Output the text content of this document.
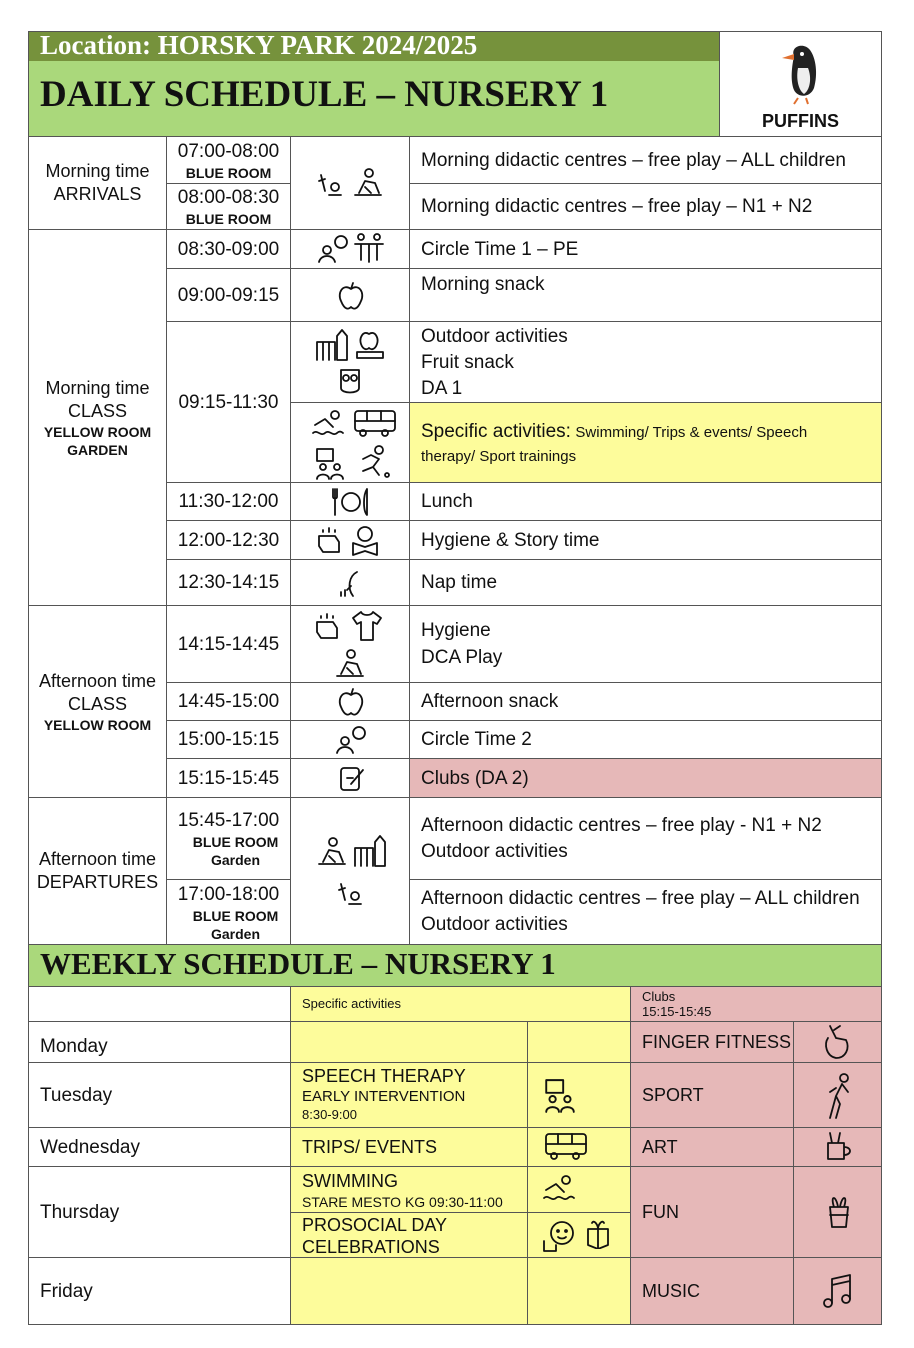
Location: HORSKY PARK 2024/2025
DAILY SCHEDULE – NURSERY 1
PUFFINS
Morning time
ARRIVALS
Morning time
CLASS
YELLOW ROOM
GARDEN
Afternoon time
CLASS
YELLOW ROOM
Afternoon time
DEPARTURES
07:00-08:00
BLUE ROOM
08:00-08:30
BLUE ROOM
08:30-09:00
09:00-09:15
09:15-11:30
11:30-12:00
12:00-12:30
12:30-14:15
14:15-14:45
14:45-15:00
15:00-15:15
15:15-15:45
15:45-17:00
BLUE ROOM
Garden
17:00-18:00
BLUE ROOM
Garden
Morning didactic centres – free play – ALL children
Morning didactic centres – free play – N1 + N2
Circle Time 1 – PE
Morning snack
Outdoor activities
Fruit snack
DA 1
Specific activities: Swimming/ Trips & events/ Speech therapy/ Sport trainings
Lunch
Hygiene & Story time
Nap time
Hygiene
DCA Play
Afternoon snack
Circle Time 2
Clubs (DA 2)
Afternoon didactic centres – free play - N1 + N2
Outdoor activities
Afternoon didactic centres – free play – ALL children
Outdoor activities
WEEKLY SCHEDULE – NURSERY 1
Specific activities	Clubs
15:15-15:45
Monday
Tuesday
Wednesday
Thursday
Friday
SPEECH THERAPY
EARLY INTERVENTION
8:30-9:00
TRIPS/ EVENTS
SWIMMING
STARE MESTO KG 09:30-11:00
PROSOCIAL DAY
CELEBRATIONS
FINGER FITNESS
SPORT
ART
FUN
MUSIC
